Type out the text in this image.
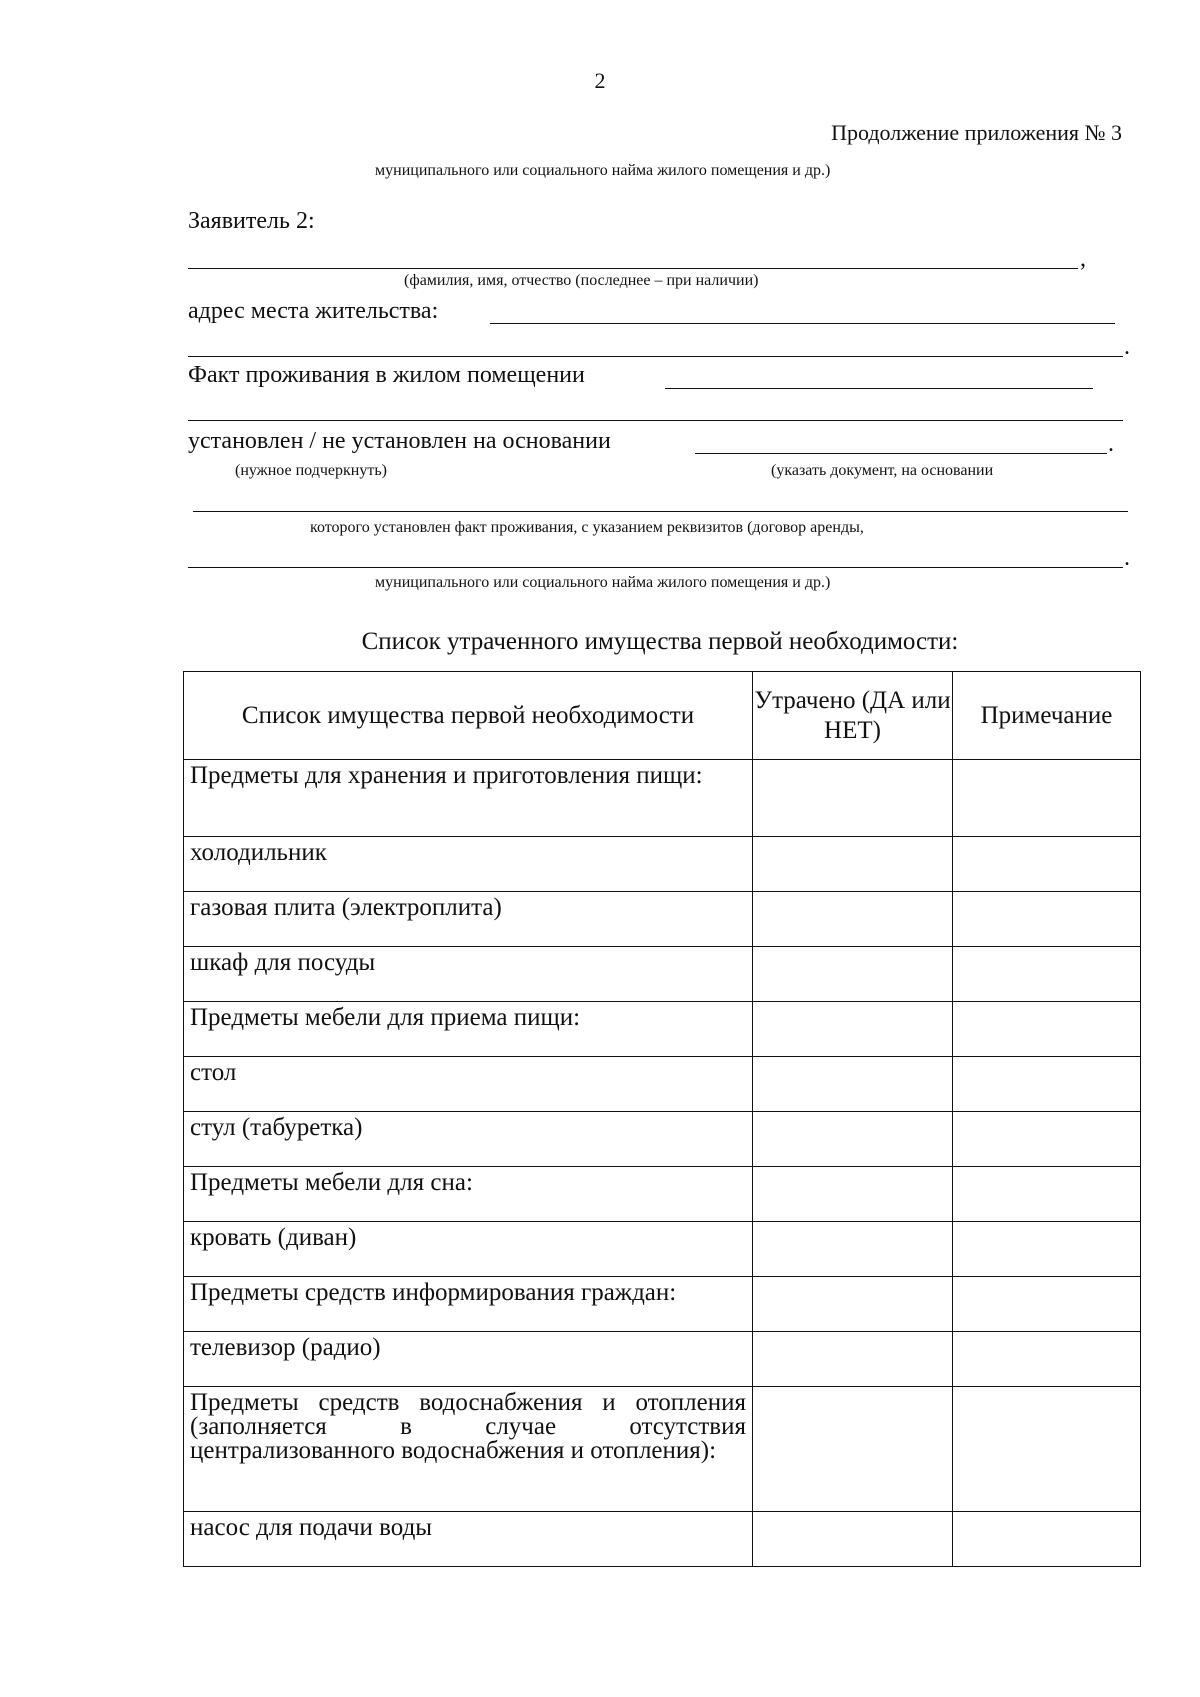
2
Продолжение приложения № 3
муниципального или социального найма жилого помещения и др.)
Заявитель 2:
,
(фамилия, имя, отчество (последнее – при наличии)
адрес места жительства:
.
Факт проживания в жилом помещении
установлен / не установлен на основании	.
(нужное подчеркнуть)	(указать документ, на основании
которого установлен факт проживания, с указанием реквизитов (договор аренды,
.
муниципального или социального найма жилого помещения и др.)
Список утраченного имущества первой необходимости:
Список имущества первой необходимости	Утрачено (ДА или НЕТ)	Примечание
Предметы для хранения и приготовления пищи:		
холодильник		
газовая плита (электроплита)		
шкаф для посуды		
Предметы мебели для приема пищи:		
стол		
стул (табуретка)		
Предметы мебели для сна:		
кровать (диван)		
Предметы средств информирования граждан:		
телевизор (радио)		
Предметы средств водоснабжения и отопления (заполняется в случае отсутствия централизованного водоснабжения и отопления):		
насос для подачи воды		
